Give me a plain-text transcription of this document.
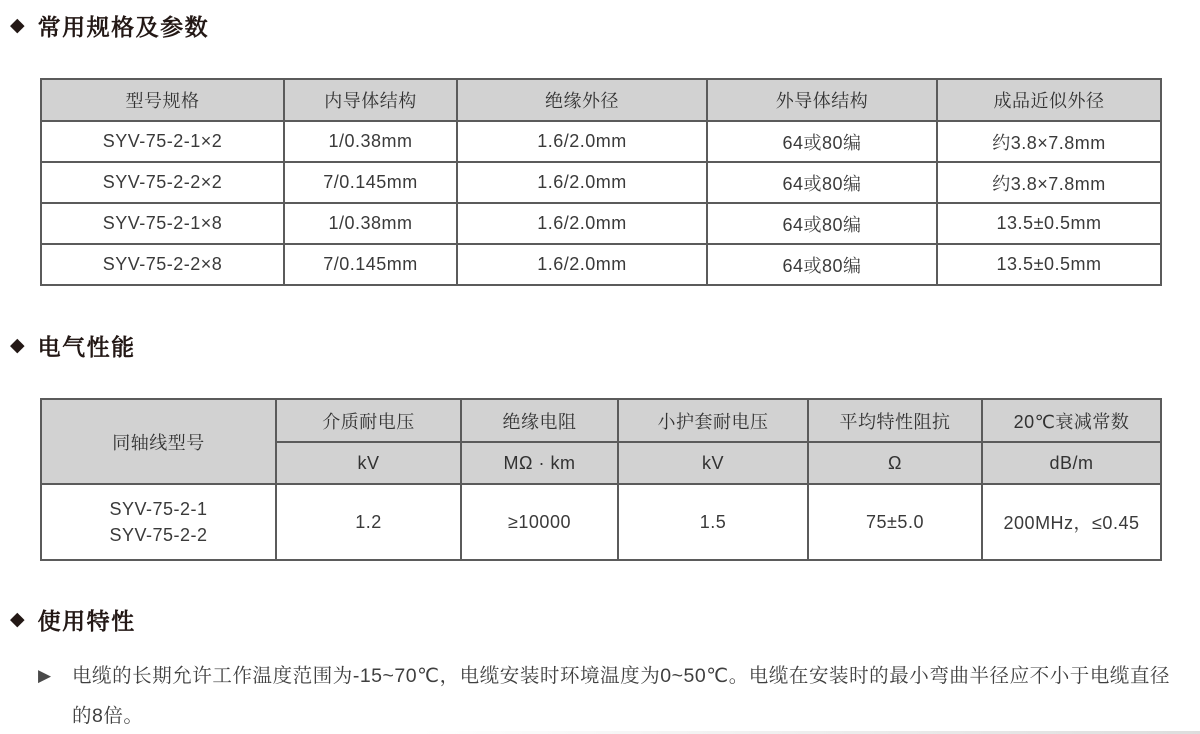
◆ 常用规格及参数
型号规格	内导体结构	绝缘外径	外导体结构	成品近似外径
SYV-75-2-1×2	1/0.38mm	1.6/2.0mm	64或80编	约3.8×7.8mm
SYV-75-2-2×2	7/0.145mm	1.6/2.0mm	64或80编	约3.8×7.8mm
SYV-75-2-1×8	1/0.38mm	1.6/2.0mm	64或80编	13.5±0.5mm
SYV-75-2-2×8	7/0.145mm	1.6/2.0mm	64或80编	13.5±0.5mm
◆ 电气性能
同轴线型号	介质耐电压	绝缘电阻	小护套耐电压	平均特性阻抗	20℃衰减常数
	kV	MΩ · km	kV	Ω	dB/m

SYV-75-2-1
SYV-75-2-2	1.2	≥10000	1.5	75±5.0	200MHz，≤0.45
◆ 使用特性
▶	电缆的长期允许工作温度范围为-15~70℃，电缆安装时环境温度为0~50℃。电缆在安装时的最小弯曲半径应不小于电缆直径的8倍。
